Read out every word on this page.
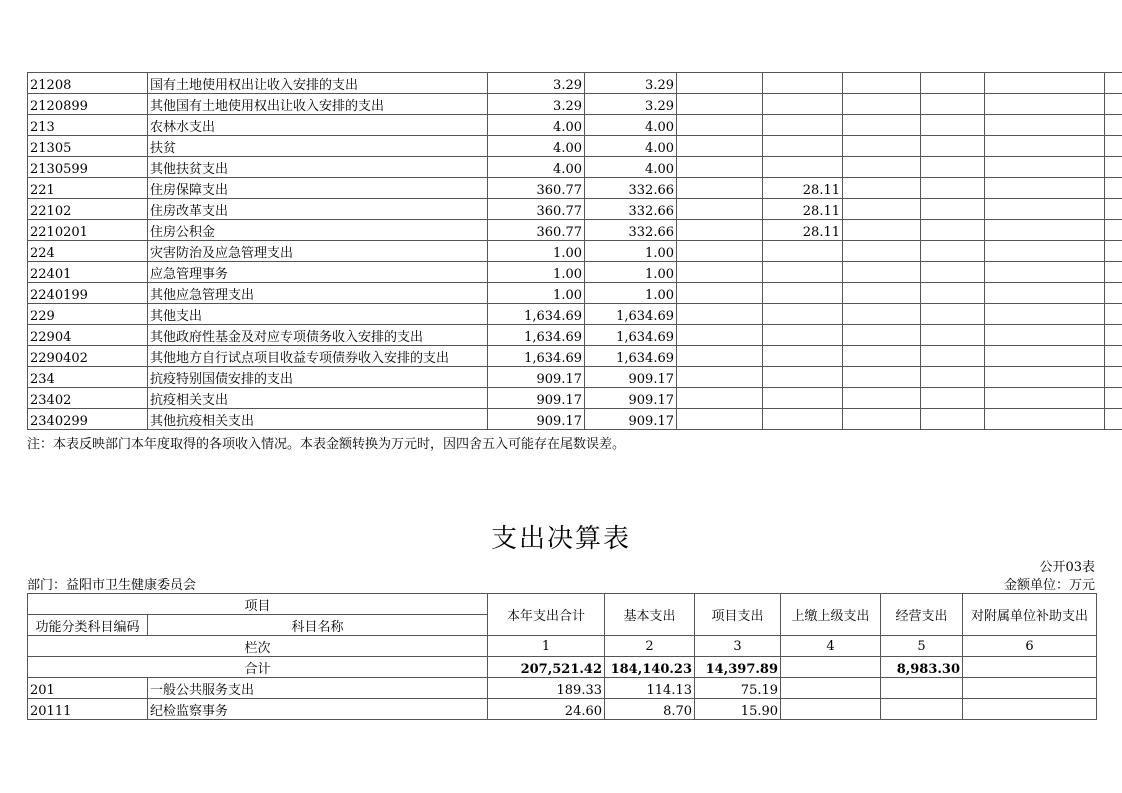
21208	国有土地使用权出让收入安排的支出	3.29	3.29						
2120899	其他国有土地使用权出让收入安排的支出	3.29	3.29						
213	农林水支出	4.00	4.00						
21305	扶贫	4.00	4.00						
2130599	其他扶贫支出	4.00	4.00						
221	住房保障支出	360.77	332.66		28.11				
22102	住房改革支出	360.77	332.66		28.11				
2210201	住房公积金	360.77	332.66		28.11				
224	灾害防治及应急管理支出	1.00	1.00						
22401	应急管理事务	1.00	1.00						
2240199	其他应急管理支出	1.00	1.00						
229	其他支出	1,634.69	1,634.69						
22904	其他政府性基金及对应专项债务收入安排的支出	1,634.69	1,634.69						
2290402	其他地方自行试点项目收益专项债券收入安排的支出	1,634.69	1,634.69						
234	抗疫特别国债安排的支出	909.17	909.17						
23402	抗疫相关支出	909.17	909.17						
2340299	其他抗疫相关支出	909.17	909.17						
注：本表反映部门本年度取得的各项收入情况。本表金额转换为万元时，因四舍五入可能存在尾数误差。
支出决算表
公开03表
部门：益阳市卫生健康委员会	金额单位：万元
项目		本年支出合计	基本支出	项目支出	上缴上级支出	经营支出	对附属单位补助支出
功能分类科目编码	科目名称						
栏次		1	2	3	4	5	6
合计		207,521.42	184,140.23	14,397.89		8,983.30	
201	一般公共服务支出	189.33	114.13	75.19			
20111	纪检监察事务	24.60	8.70	15.90			
